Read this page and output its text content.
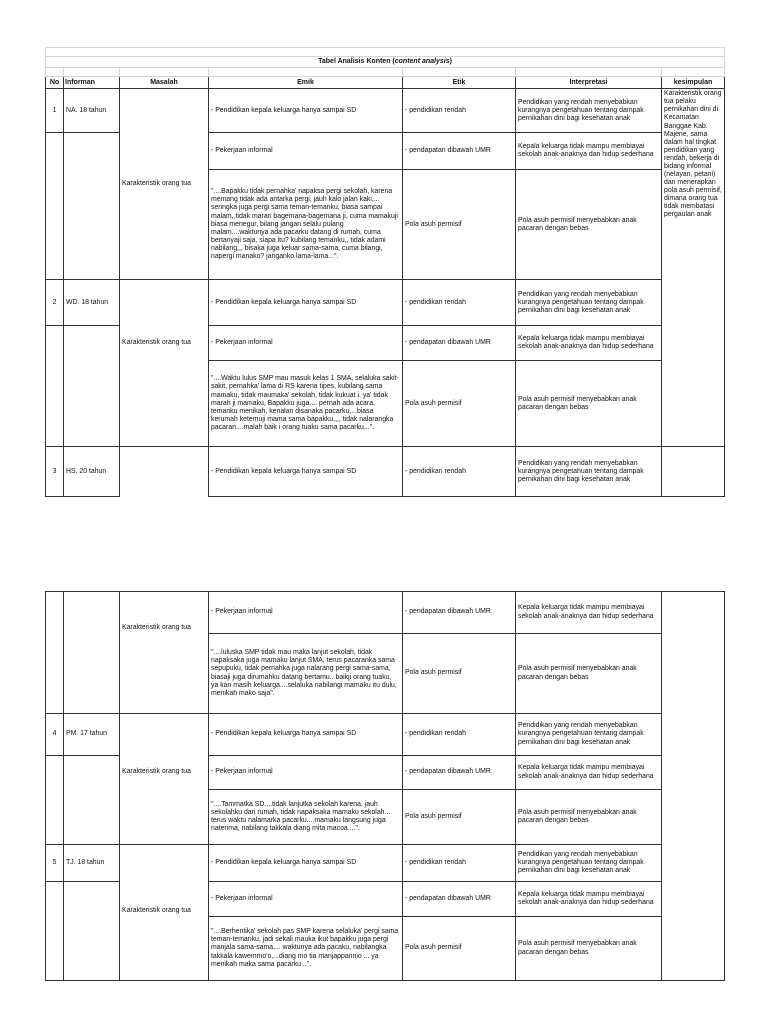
Tabel Analisis Konten (content analysis)							

No	Informan	Masalah	Emik	Etik	Interpretasi	kesimpulan	
1	NA. 18 tahun		- Pendidikan kepala keluarga hanya sampai SD	- pendidikan rendah	Pendidikan yang rendah menyebabkan kurangnya pengetahuan tentang dampak pernikahan dini bagi kesehatan anak	Karakteristik orang tua pelaku pernikahan dini di Kecamatan Banggae Kab. Majene, sama dalam hal tingkat pendidikan yang rendah, bekerja di bidang informal (nelayan, petani) dan menerapkan pola asuh permisif, dimana orang tua tidak membatasi pergaulan anak	
			- Pekerjaan informal	- pendapatan dibawah UMR	Kepala keluarga tidak mampu membiayai sekolah anak-anaknya dan hidup sederhana		
		Karakteristik orang tua	"....Bapakku tidak pernahka' napaksa pergi sekolah, karena memang tidak ada antarka pergi, jauh kalo jalan kaki,... seringka juga pergi sama teman-temanku, biasa sampai malam,,tidak maran bagemana-bagemana ji, cuma mamakuji biasa menegur, bilang jangan selalu pulang malam....waktunya ada pacarku datang di rumah, cuma bertanyaji saja, siapa itu? kubilang temanku,, tidak adami nabilang,,, bisaka juga keluar sama-sama, cuma bilangi, napergi manako? janganko lama-lama...".	Pola asuh permisif	Pola asuh permisif menyebabkan anak pacaran dengan bebas		
2	WD. 18 tahun		- Pendidikan kepala keluarga hanya sampai SD	- pendidikan rendah	Pendidikan yang rendah menyebabkan kurangnya pengetahuan tentang dampak pernikahan dini bagi kesehatan anak		
		Karakteristik orang tua	- Pekerjaan informal	- pendapatan dibawah UMR	Kepala keluarga tidak mampu membiayai sekolah anak-anaknya dan hidup sederhana		
			"....Waktu lulus SMP mau masuk kelas 1 SMA, selaluka sakit-sakit, pernahka' lama di RS karena tipes, kubilang sama mamaku, tidak maumaka' sekolah, tidak kukuat i. ya' tidak marah ji mamaku, Bapakku juga.... pernah ada acara, temanku menikah, kenalan disanaka pacarku,...biasa kerumah ketemuji mama sama bapakku,,,, tidak nalarangka pacaran....malah baik i orang tuaku sama pacarku...".	Pola asuh permisif	Pola asuh permisif menyebabkan anak pacaran dengan bebas		
3	HS. 20 tahun		- Pendidikan kepala keluarga hanya sampai SD	- pendidikan rendah	Pendidikan yang rendah menyebabkan kurangnya pengetahuan tentang dampak pernikahan dini bagi kesehatan anak		
		Karakteristik orang tua	- Pekerjaan informal	- pendapatan dibawah UMR	Kepala keluarga tidak mampu membiayai sekolah anak-anaknya dan hidup sederhana	
			"....luluska SMP tidak mau maka lanjut sekolah, tidak napaksaka juga mamaku lanjut SMA, terus pacaranka sama sepupuku, tidak pernahka juga nalarang pergi sama-sama, biasaji juga dirumahku datang bertamu.. baikji orang tuaku, ya kan masih keluarga....selaluka nabilangi mamaku itu dulu, menikah mako saja".	Pola asuh permisif	Pola asuh permisif menyebabkan anak pacaran dengan bebas	
4	PM. 17 tahun		- Pendidikan kepala keluarga hanya sampai SD	- pendidikan rendah	Pendidikan yang rendah menyebabkan kurangnya pengetahuan tentang dampak pernikahan dini bagi kesehatan anak	
		Karakteristik orang tua	- Pekerjaan informal	- pendapatan dibawah UMR	Kepala keluarga tidak mampu membiayai sekolah anak-anaknya dan hidup sederhana	
			"....Tammatka SD....tidak lanjutka sekolah karena, jauh sekolahku dari rumah, tidak napaksaka mamaku sekolah... terus waktu nalamarka pacarku....mamaku langsung juga naterima, nabilang takkala diang mita macoa....".	Pola asuh permisif	Pola asuh permisif menyebabkan anak pacaran dengan bebas	
5	TJ. 18 tahun		- Pendidikan kepala keluarga hanya sampai SD	- pendidikan rendah	Pendidikan yang rendah menyebabkan kurangnya pengetahuan tentang dampak pernikahan dini bagi kesehatan anak	
		Karakteristik orang tua	- Pekerjaan informal	- pendapatan dibawah UMR	Kepala keluarga tidak mampu membiayai sekolah anak-anaknya dan hidup sederhana	
			"....Berhentika' sekolah pas SMP karena selaluka' pergi sama teman-temanku, jadi sekali mauka ikut bapakku juga pergi manjala sama-sama,... waktunya ada pacaku, nabilangka takkala kawemmo'o,...diang mo tia manjappannio ... ya menikah maka sama pacarku...".	Pola asuh permisif	Pola asuh permisif menyebabkan anak pacaran dengan bebas	
